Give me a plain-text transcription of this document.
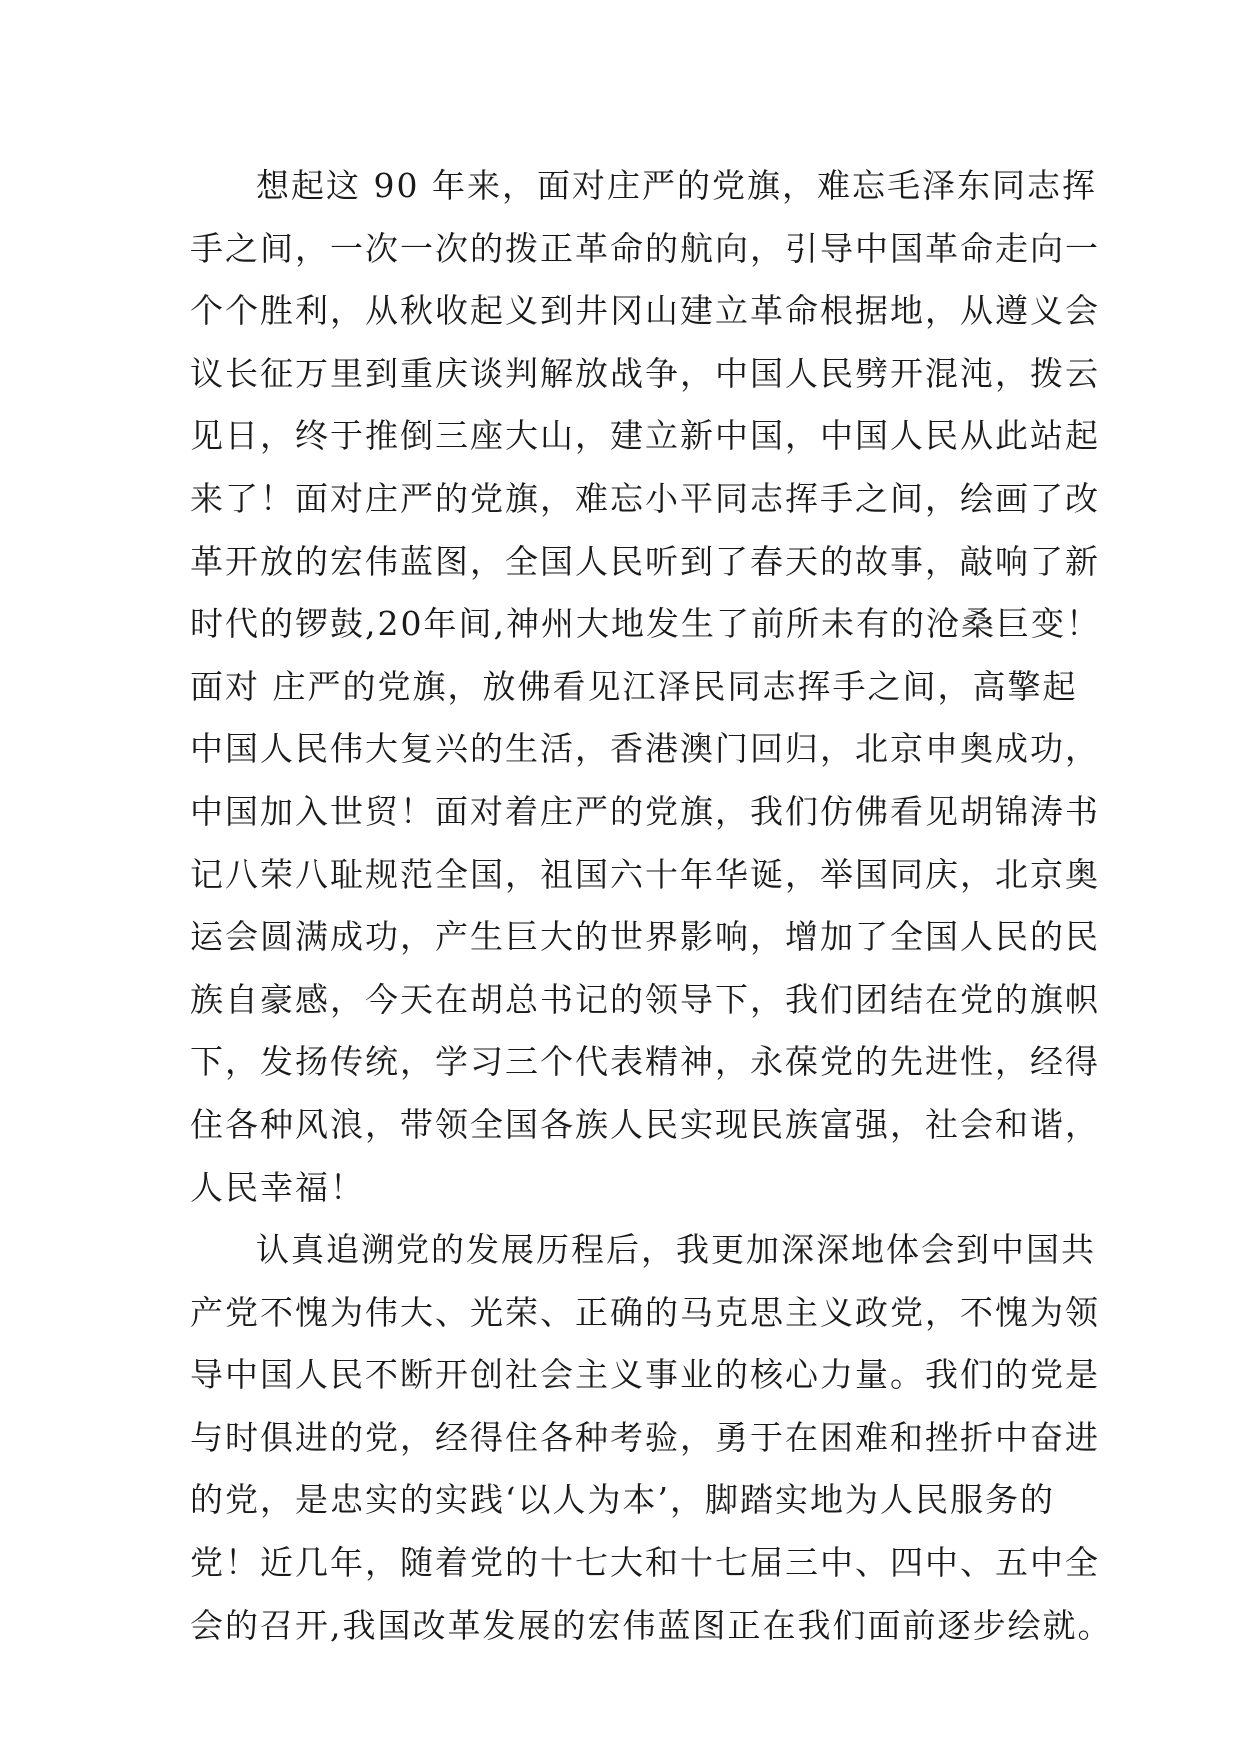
想起这 90 年来，面对庄严的党旗，难忘毛泽东同志挥
手之间，一次一次的拨正革命的航向，引导中国革命走向一
个个胜利，从秋收起义到井冈山建立革命根据地，从遵义会
议长征万里到重庆谈判解放战争，中国人民劈开混沌，拨云
见日，终于推倒三座大山，建立新中国，中国人民从此站起
来了！面对庄严的党旗，难忘小平同志挥手之间，绘画了改
革开放的宏伟蓝图，全国人民听到了春天的故事，敲响了新
时代的锣鼓,20年间,神州大地发生了前所未有的沧桑巨变！
面对 庄严的党旗，放佛看见江泽民同志挥手之间，高擎起
中国人民伟大复兴的生活，香港澳门回归，北京申奥成功，
中国加入世贸！面对着庄严的党旗，我们仿佛看见胡锦涛书
记八荣八耻规范全国，祖国六十年华诞，举国同庆，北京奥
运会圆满成功，产生巨大的世界影响，增加了全国人民的民
族自豪感，今天在胡总书记的领导下，我们团结在党的旗帜
下，发扬传统，学习三个代表精神，永葆党的先进性，经得
住各种风浪，带领全国各族人民实现民族富强，社会和谐，
人民幸福！
认真追溯党的发展历程后，我更加深深地体会到中国共
产党不愧为伟大、光荣、正确的马克思主义政党，不愧为领
导中国人民不断开创社会主义事业的核心力量。我们的党是
与时俱进的党，经得住各种考验，勇于在困难和挫折中奋进
的党，是忠实的实践‘以人为本’，脚踏实地为人民服务的
党！近几年，随着党的十七大和十七届三中、四中、五中全
会的召开,我国改革发展的宏伟蓝图正在我们面前逐步绘就。
